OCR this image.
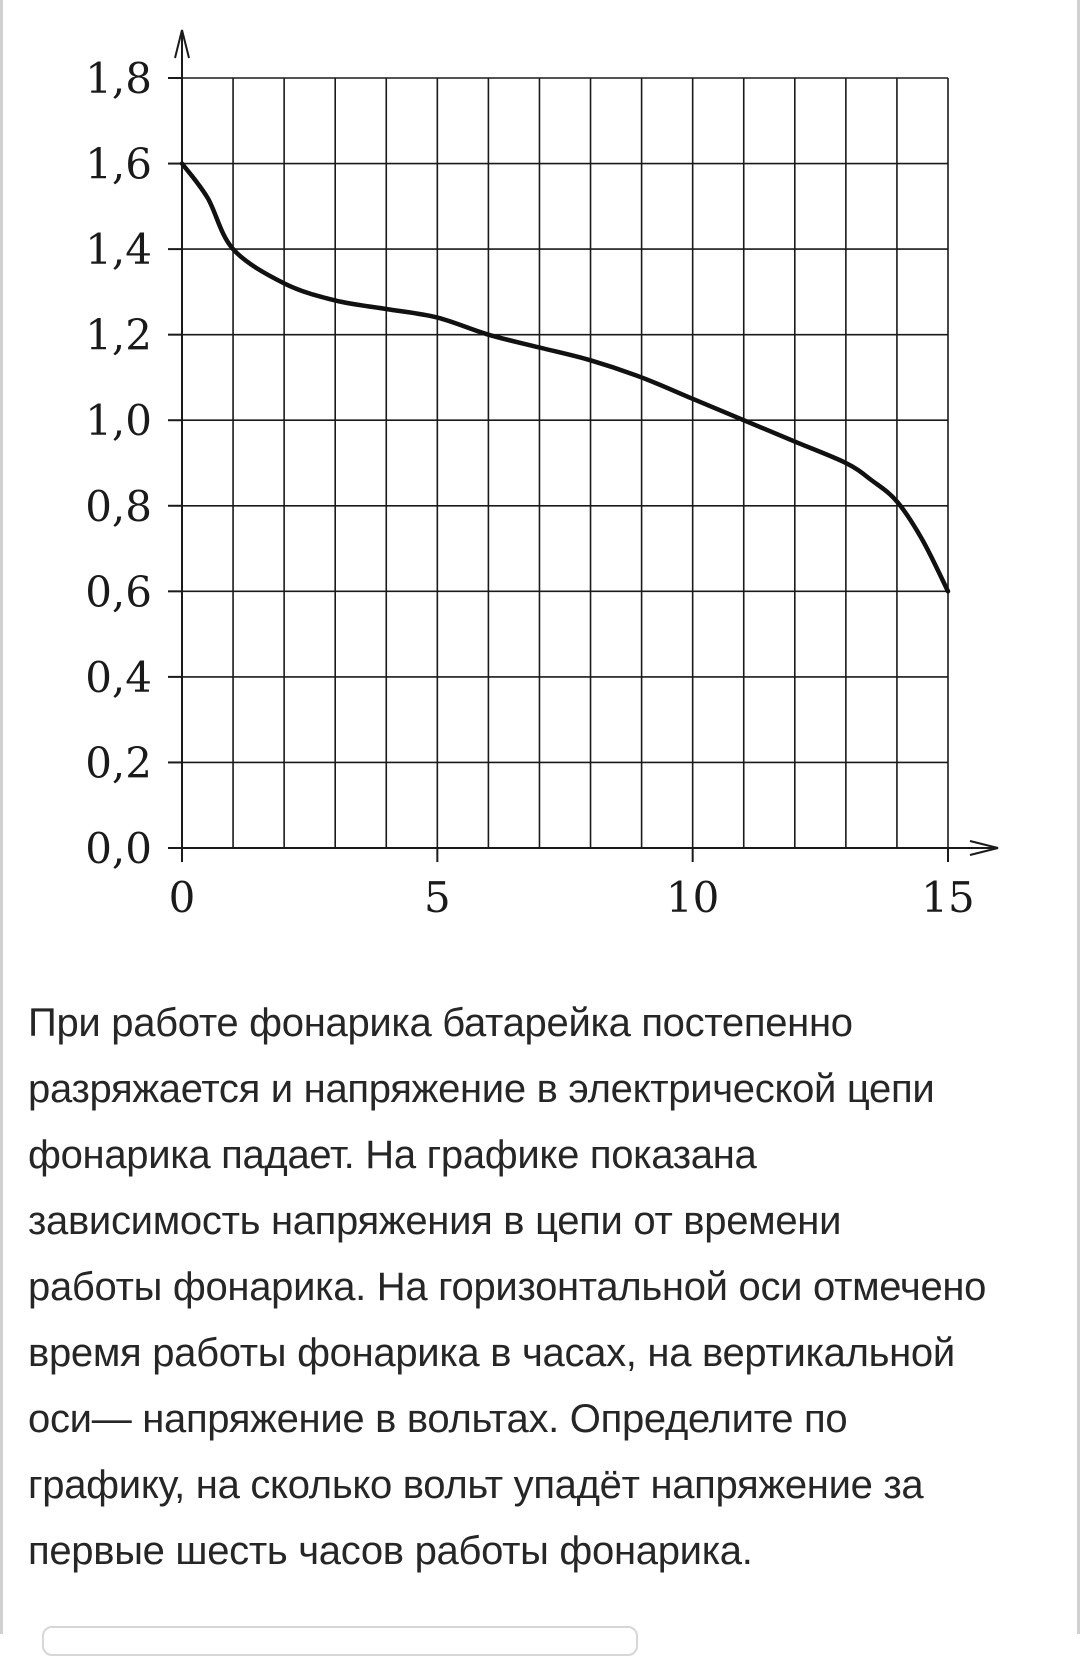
0,0
0,2
0,4
0,6
0,8
1,0
1,2
1,4
1,6
1,8
0	5	10	15

При работе фонарика батарейка постепенно
разряжается и напряжение в электрической цепи
фонарика падает. На графике показана
зависимость напряжения в цепи от времени
работы фонарика. На горизонтальной оси отмечено
время работы фонарика в часах, на вертикальной
оси— напряжение в вольтах. Определите по
графику, на сколько вольт упадёт напряжение за
первые шесть часов работы фонарика.
